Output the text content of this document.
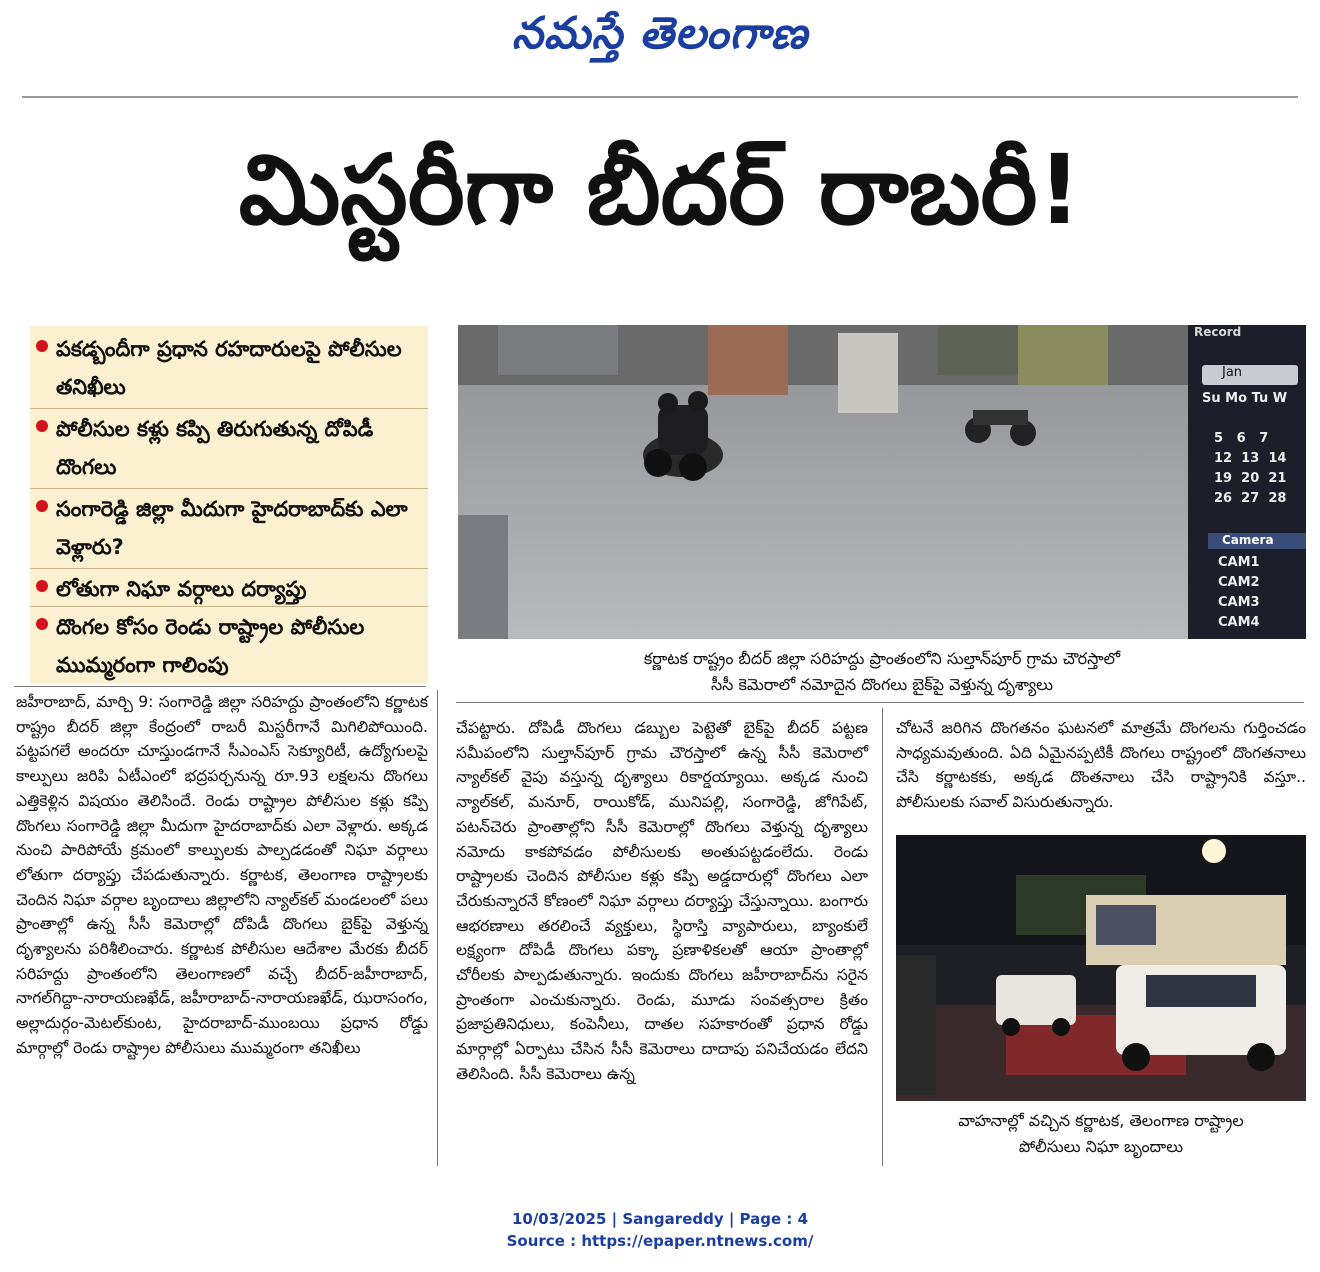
నమస్తే తెలంగాణ
మిస్టరీగా బీదర్ రాబరీ!
పకడ్బందీగా ప్రధాన రహదారులపై పోలీసుల తనిఖీలు
పోలీసుల కళ్లు కప్పి తిరుగుతున్న దోపిడీ దొంగలు
సంగారెడ్డి జిల్లా మీదుగా హైదరాబాద్‌కు ఎలా వెళ్లారు?
లోతుగా నిఘా వర్గాలు దర్యాప్తు
దొంగల కోసం రెండు రాష్ట్రాల పోలీసుల ముమ్మరంగా గాలింపు
Record
Jan
Su Mo Tu W
5 6 7
12 13 14
19 20 21
26 27 28
Camera
CAM1
CAM2
CAM3
CAM4
కర్ణాటక రాష్ట్రం బీదర్ జిల్లా సరిహద్దు ప్రాంతంలోని సుల్తాన్‌పూర్ గ్రామ చౌరస్తాలో
సీసీ కెమెరాలో నమోదైన దొంగలు బైక్‌పై వెళ్తున్న దృశ్యాలు
జహీరాబాద్, మార్చి 9: సంగారెడ్డి జిల్లా సరిహద్దు ప్రాంతంలోని కర్ణాటక రాష్ట్రం బీదర్ జిల్లా కేంద్రంలో రాబరీ మిస్టరీగానే మిగిలిపోయింది. పట్టపగలే అందరూ చూస్తుండగానే సీఎంఎస్ సెక్యూరిటీ, ఉద్యోగులపై కాల్పులు జరిపి ఏటీఎంలో భద్రపర్చనున్న రూ.93 లక్షలను దొంగలు ఎత్తికెళ్లిన విషయం తెలిసిందే. రెండు రాష్ట్రాల పోలీసుల కళ్లు కప్పి దొంగలు సంగారెడ్డి జిల్లా మీదుగా హైదరాబాద్‌కు ఎలా వెళ్లారు. అక్కడ నుంచి పారిపోయే క్రమంలో కాల్పులకు పాల్పడడంతో నిఘా వర్గాలు లోతుగా దర్యాప్తు చేపడుతున్నారు. కర్ణాటక, తెలంగాణ రాష్ట్రాలకు చెందిన నిఘా వర్గాల బృందాలు జిల్లాలోని న్యాల్‌కల్ మండలంలో పలు ప్రాంతాల్లో ఉన్న సీసీ కెమెరాల్లో దోపిడీ దొంగలు బైక్‌పై వెళ్తున్న దృశ్యాలను పరిశీలించారు. కర్ణాటక పోలీసుల ఆదేశాల మేరకు బీదర్ సరిహద్దు ప్రాంతంలోని తెలంగాణలో వచ్చే బీదర్-జహీరాబాద్, నాగల్‌గిద్దా-నారాయణఖేడ్, జహీరాబాద్-నారాయణఖేడ్, ఝరాసంగం, అల్లాదుర్గం-మెటల్‌కుంట, హైదరాబాద్-ముంబయి ప్రధాన రోడ్డు మార్గాల్లో రెండు రాష్ట్రాల పోలీసులు ముమ్మరంగా తనిఖీలు
చేపట్టారు. దోపిడీ దొంగలు డబ్బుల పెట్టెతో బైక్‌పై బీదర్ పట్టణ సమీపంలోని సుల్తాన్‌పూర్ గ్రామ చౌరస్తాలో ఉన్న సీసీ కెమెరాలో న్యాల్‌కల్ వైపు వస్తున్న దృశ్యాలు రికార్డయ్యాయి. అక్కడ నుంచి న్యాల్‌కల్, మనూర్, రాయికోడ్, మునిపల్లి, సంగారెడ్డి, జోగిపేట్, పటన్‌చెరు ప్రాంతాల్లోని సీసీ కెమెరాల్లో దొంగలు వెళ్తున్న దృశ్యాలు నమోదు కాకపోవడం పోలీసులకు అంతుపట్టడంలేదు. రెండు రాష్ట్రాలకు చెందిన పోలీసుల కళ్లు కప్పి అడ్డదారుల్లో దొంగలు ఎలా చేరుకున్నారనే కోణంలో నిఘా వర్గాలు దర్యాప్తు చేస్తున్నాయి. బంగారు ఆభరణాలు తరలించే వ్యక్తులు, స్థిరాస్తి వ్యాపారులు, బ్యాంకులే లక్ష్యంగా దోపిడీ దొంగలు పక్కా ప్రణాళికలతో ఆయా ప్రాంతాల్లో చోరీలకు పాల్పడుతున్నారు. ఇందుకు దొంగలు జహీరాబాద్‌ను సరైన ప్రాంతంగా ఎంచుకున్నారు. రెండు, మూడు సంవత్సరాల క్రితం ప్రజాప్రతినిధులు, కంపెనీలు, దాతల సహకారంతో ప్రధాన రోడ్డు మార్గాల్లో ఏర్పాటు చేసిన సీసీ కెమెరాలు దాదాపు పనిచేయడం లేదని తెలిసింది. సీసీ కెమెరాలు ఉన్న
చోటనే జరిగిన దొంగతనం ఘటనలో మాత్రమే దొంగలను గుర్తించడం సాధ్యమవుతుంది. ఏది ఏమైనప్పటికీ దొంగలు రాష్ట్రంలో దొంగతనాలు చేసి కర్ణాటకకు, అక్కడ దొంతనాలు చేసి రాష్ట్రానికి వస్తూ.. పోలీసులకు సవాల్ విసురుతున్నారు.
వాహనాల్లో వచ్చిన కర్ణాటక, తెలంగాణ రాష్ట్రాల
పోలీసులు నిఘా బృందాలు
10/03/2025 | Sangareddy | Page : 4
Source : https://epaper.ntnews.com/
